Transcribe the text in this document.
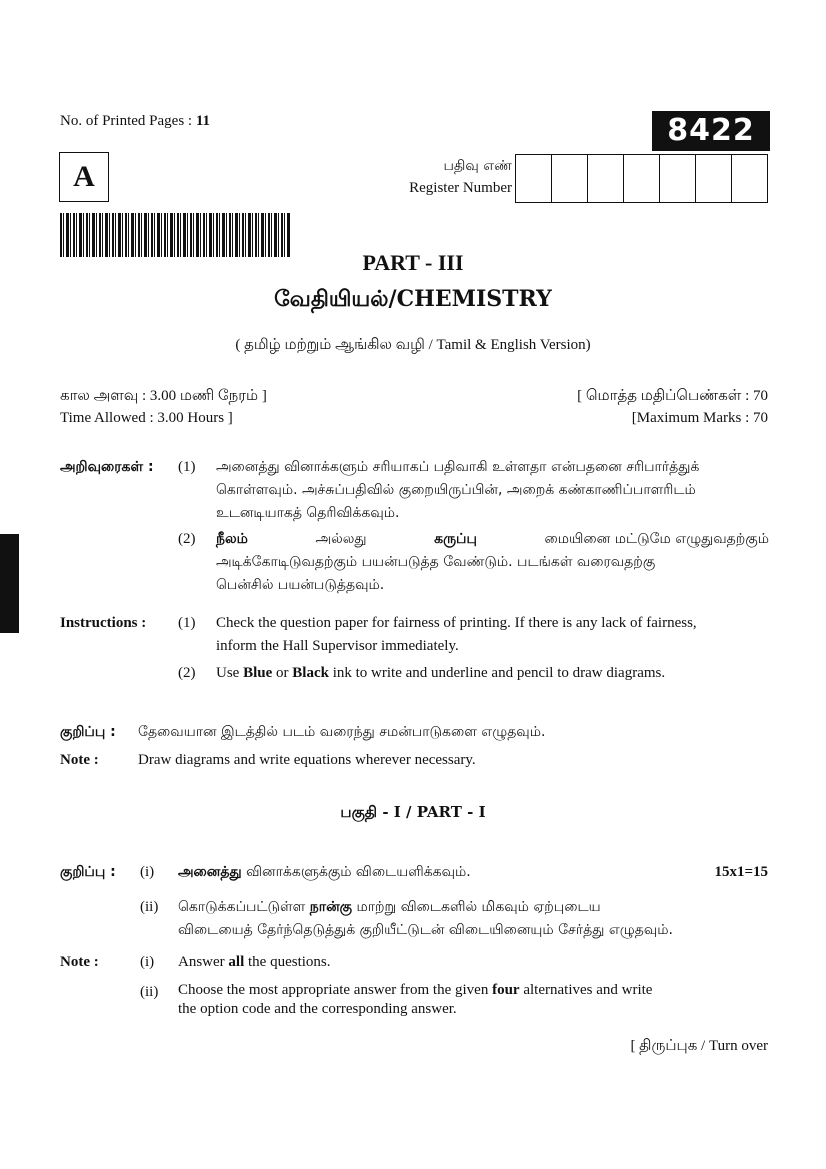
No. of Printed Pages : 11	8422
A	பதிவு எண்
Register Number
PART - III
வேதியியல்/CHEMISTRY
( தமிழ் மற்றும் ஆங்கில வழி / Tamil & English Version)
கால அளவு : 3.00 மணி நேரம் ]
Time Allowed : 3.00 Hours ]
[ மொத்த மதிப்பெண்கள் : 70
[Maximum Marks : 70
அறிவுரைகள் : (1) அனைத்து வினாக்களும் சரியாகப் பதிவாகி உள்ளதா என்பதனை சரிபார்த்துக்
கொள்ளவும். அச்சுப்பதிவில் குறையிருப்பின், அறைக் கண்காணிப்பாளரிடம்
உடனடியாகத் தெரிவிக்கவும்.
(2) நீலம்	அல்லது	கருப்பு	மையினை மட்டுமே எழுதுவதற்கும்
அடிக்கோடிடுவதற்கும் பயன்படுத்த வேண்டும். படங்கள் வரைவதற்கு
பென்சில் பயன்படுத்தவும்.
Instructions : (1) Check the question paper for fairness of printing. If there is any lack of fairness,
inform the Hall Supervisor immediately.
(2) Use Blue or Black ink to write and underline and pencil to draw diagrams.
குறிப்பு : தேவையான இடத்தில் படம் வரைந்து சமன்பாடுகளை எழுதவும்.
Note :	Draw diagrams and write equations wherever necessary.
பகுதி - I / PART - I
குறிப்பு : (i) அனைத்து வினாக்களுக்கும் விடையளிக்கவும்.	15x1=15
(ii) கொடுக்கப்பட்டுள்ள நான்கு மாற்று விடைகளில் மிகவும் ஏற்புடைய
விடையைத் தேர்ந்தெடுத்துக் குறியீட்டுடன் விடையினையும் சேர்த்து எழுதவும்.
Note :	(i) Answer all the questions.
(ii) Choose the most appropriate answer from the given four alternatives and write
the option code and the corresponding answer.
[ திருப்புக / Turn over
